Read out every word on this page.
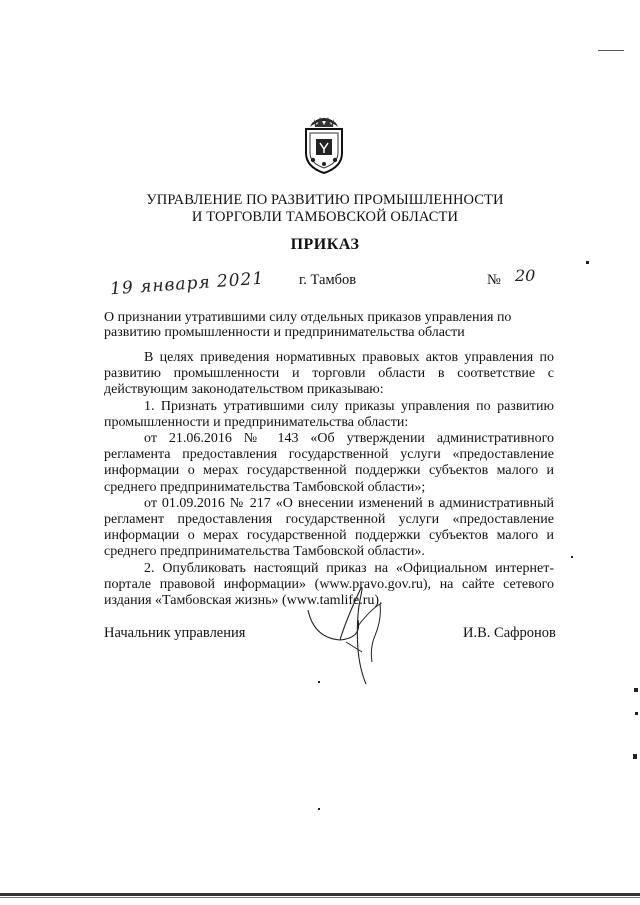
УПРАВЛЕНИЕ ПО РАЗВИТИЮ ПРОМЫШЛЕННОСТИ
И ТОРГОВЛИ ТАМБОВСКОЙ ОБЛАСТИ
ПРИКАЗ
19 января 2021 г. Тамбов	№ 20
О признании утратившими силу отдельных приказов управления по развитию промышленности и предпринимательства области

В целях приведения нормативных правовых актов управления по развитию промышленности и торговли области в соответствие с действующим законодательством приказываю:

1. Признать утратившими силу приказы управления по развитию промышленности и предпринимательства области:

от 21.06.2016 № 143 «Об утверждении административного регламента предоставления государственной услуги «предоставление информации о мерах государственной поддержки субъектов малого и среднего предпринимательства Тамбовской области»;

от 01.09.2016 № 217 «О внесении изменений в административный регламент предоставления государственной услуги «предоставление информации о мерах государственной поддержки субъектов малого и среднего предпринимательства Тамбовской области».

2. Опубликовать настоящий приказ на «Официальном интернет-портале правовой информации» (www.pravo.gov.ru), на сайте сетевого издания «Тамбовская жизнь» (www.tamlife.ru).

Начальник управления	И.В. Сафронов
